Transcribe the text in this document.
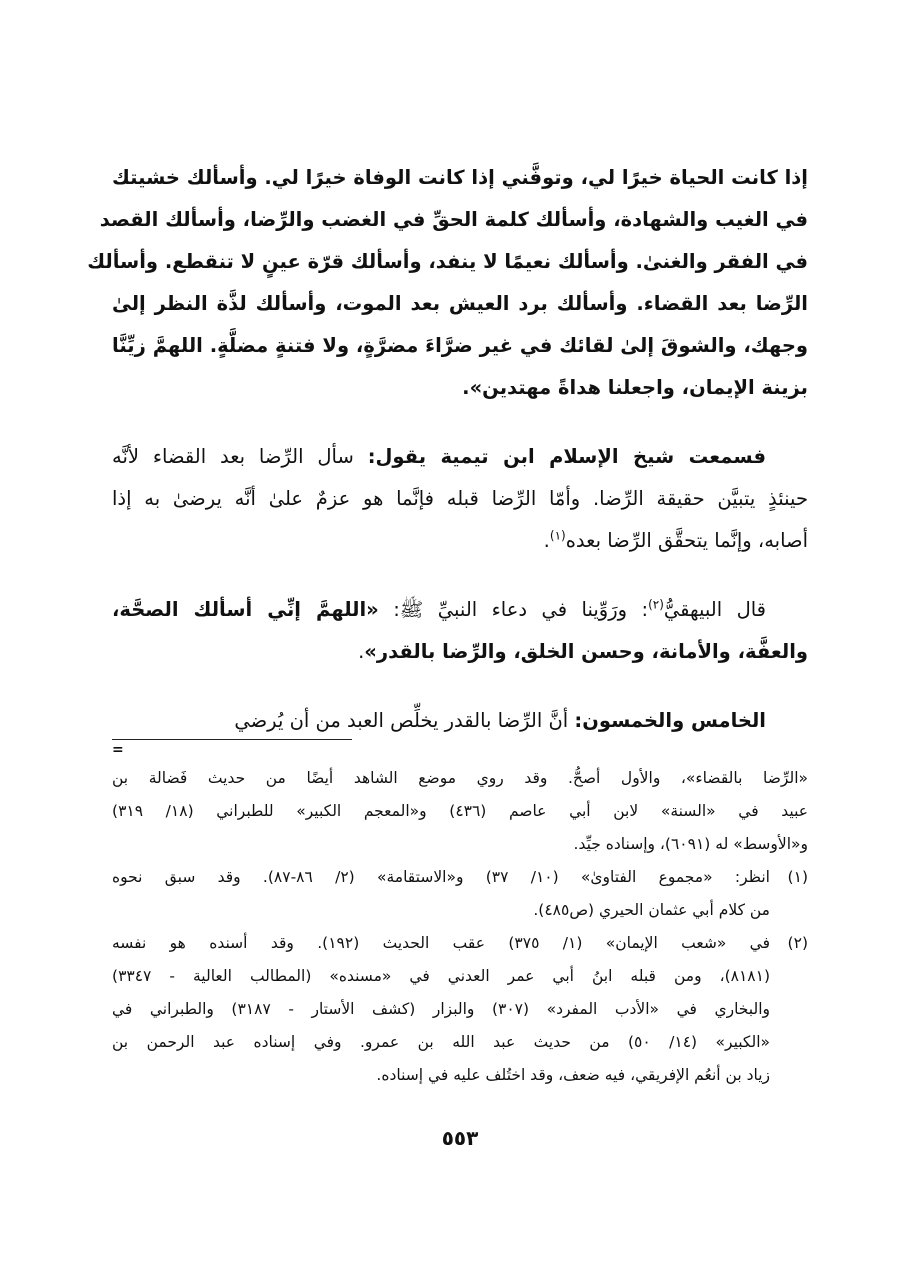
إذا كانت الحياة خيرًا لي، وتوفَّني إذا كانت الوفاة خيرًا لي. وأسألك خشيتك
في الغيب والشهادة، وأسألك كلمة الحقِّ في الغضب والرِّضا، وأسألك القصد
في الفقر والغنىٰ. وأسألك نعيمًا لا ينفد، وأسألك قرّة عينٍ لا تنقطع. وأسألك
الرِّضا بعد القضاء. وأسألك برد العيش بعد الموت، وأسألك لذَّة النظر إلىٰ
وجهك، والشوقَ إلىٰ لقائك في غير ضرَّاءَ مضرَّةٍ، ولا فتنةٍ مضلَّةٍ. اللهمَّ زيِّنَّا
بزينة الإيمان، واجعلنا هداةً مهتدين».
فسمعت شيخ الإسلام ابن تيمية يقول: سأل الرِّضا بعد القضاء لأنَّه
حينئذٍ يتبيَّن حقيقة الرِّضا. وأمّا الرِّضا قبله فإنَّما هو عزمٌ علىٰ أنَّه يرضىٰ به إذا
أصابه، وإنَّما يتحقَّق الرِّضا بعده$^{(١)}$.
قال البيهقيُّ$^{(٢)}$: ورَوِّينا في دعاء النبيِّ ﷺ: «اللهمَّ إنِّي أسألك الصحَّة،
والعفَّة، والأمانة، وحسن الخلق، والرِّضا بالقدر».
الخامس والخمسون: أنَّ الرِّضا بالقدر يخلِّص العبد من أن يُرضي
=
«الرِّضا بالقضاء»، والأول أصحُّ. وقد روي موضع الشاهد أيضًا من حديث فَضالة بن
عبيد في «السنة» لابن أبي عاصم (٤٣٦) و«المعجم الكبير» للطبراني (١٨/ ٣١٩)
و«الأوسط» له (٦٠٩١)، وإسناده جيِّد.
(١)
انظر: «مجموع الفتاوىٰ» (١٠/ ٣٧) و«الاستقامة» (٢/ ٨٦-٨٧). وقد سبق نحوه
من كلام أبي عثمان الحيري (ص٤٨٥).
(٢)
في «شعب الإيمان» (١/ ٣٧٥) عقب الحديث (١٩٢). وقد أسنده هو نفسه
(٨١٨١)، ومن قبله ابنُ أبي عمر العدني في «مسنده» (المطالب العالية - ٣٣٤٧)
والبخاري في «الأدب المفرد» (٣٠٧) والبزار (كشف الأستار - ٣١٨٧) والطبراني في
«الكبير» (١٤/ ٥٠) من حديث عبد الله بن عمرو. وفي إسناده عبد الرحمن بن
زياد بن أنعُم الإفريقي، فيه ضعف، وقد اختُلف عليه في إسناده.
٥٥٣
